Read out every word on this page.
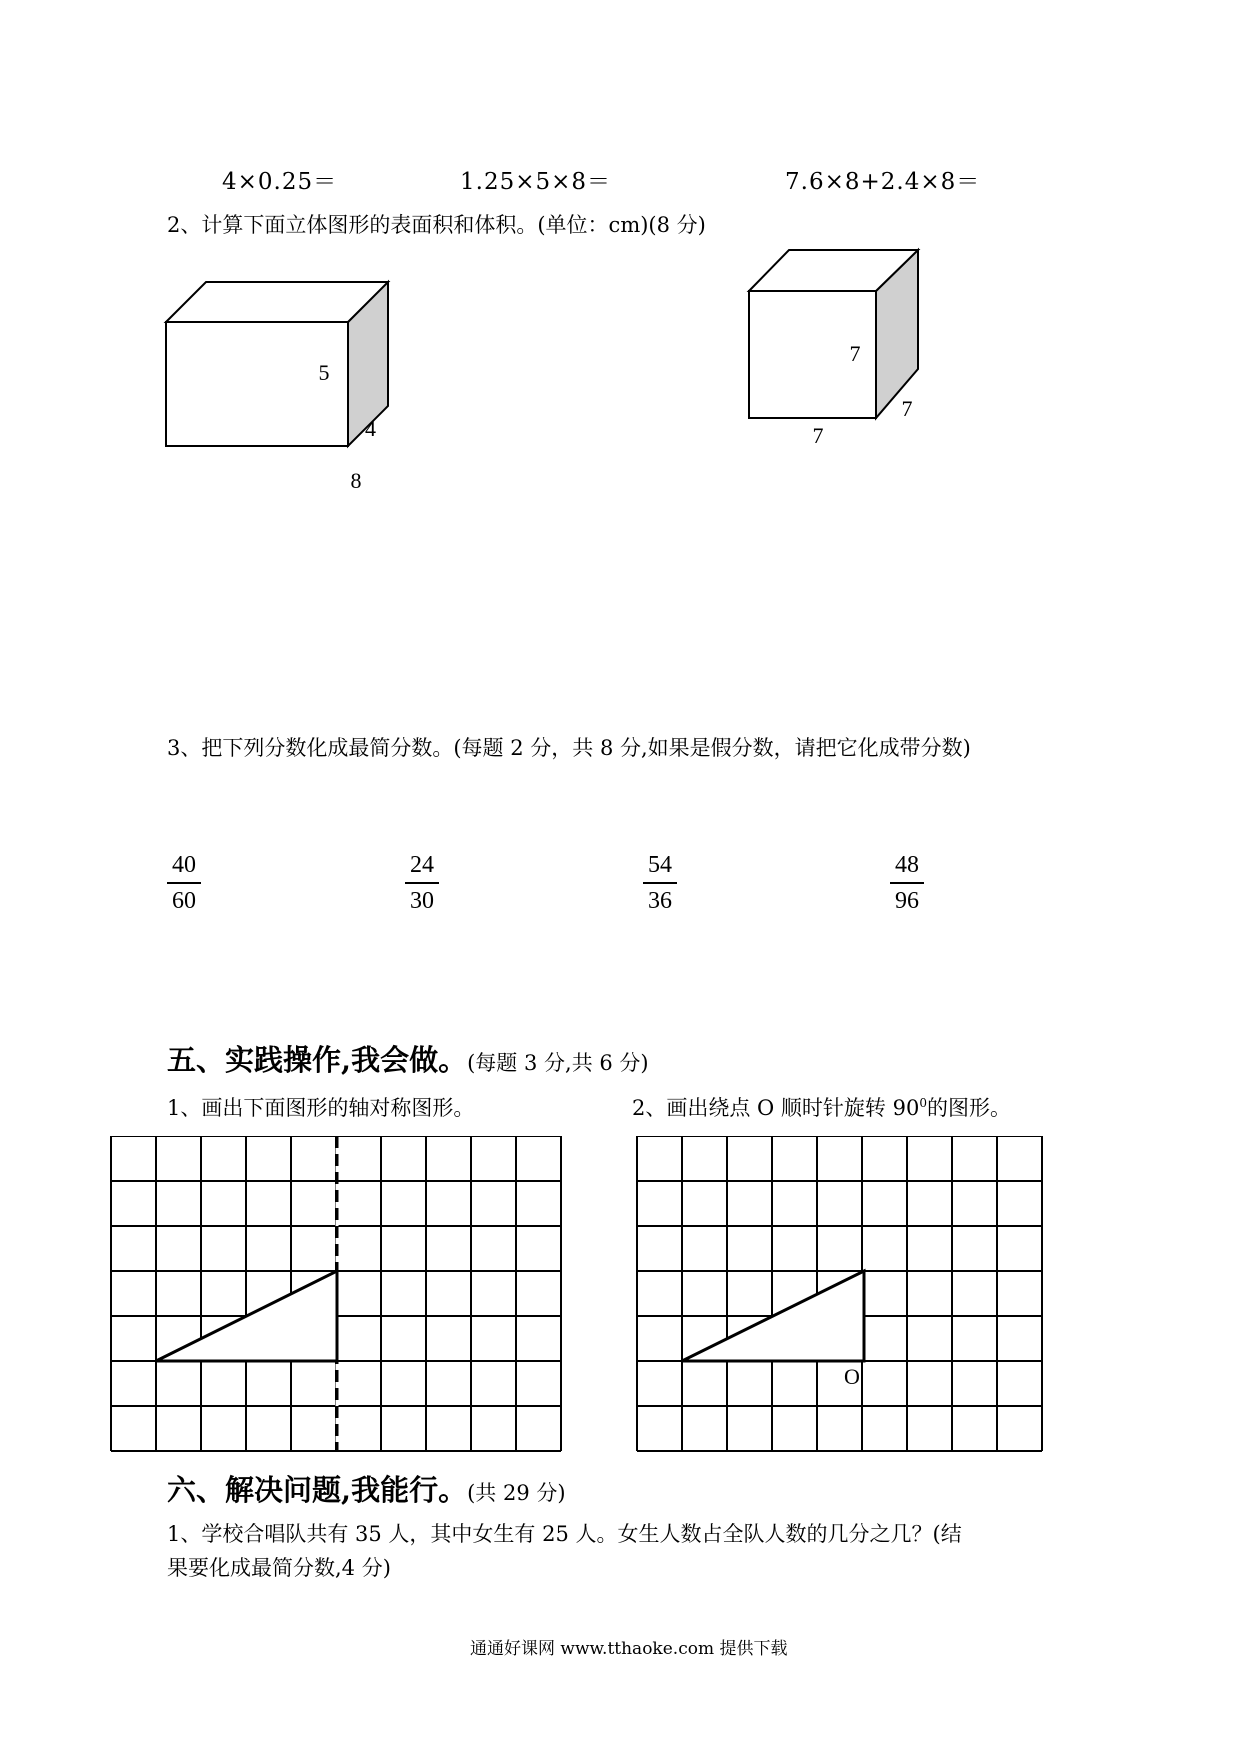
4×0.25＝	1.25×5×8＝	7.6×8+2.4×8＝
2、计算下面立体图形的表面积和体积。(单位：cm)(8 分)
8
5
4
7
7
7
3、把下列分数化成最简分数。(每题 2 分，共 8 分,如果是假分数，请把它化成带分数)
40
60
24
30
54
36
48
96
五、实践操作,我会做。(每题 3 分,共 6 分)
1、画出下面图形的轴对称图形。	2、画出绕点 O 顺时针旋转 $90^0$的图形。
O
六、解决问题,我能行。(共 29 分)
1、学校合唱队共有 35 人，其中女生有 25 人。女生人数占全队人数的几分之几？(结
果要化成最简分数,4 分)
通通好课网 www.tthaoke.com 提供下载
